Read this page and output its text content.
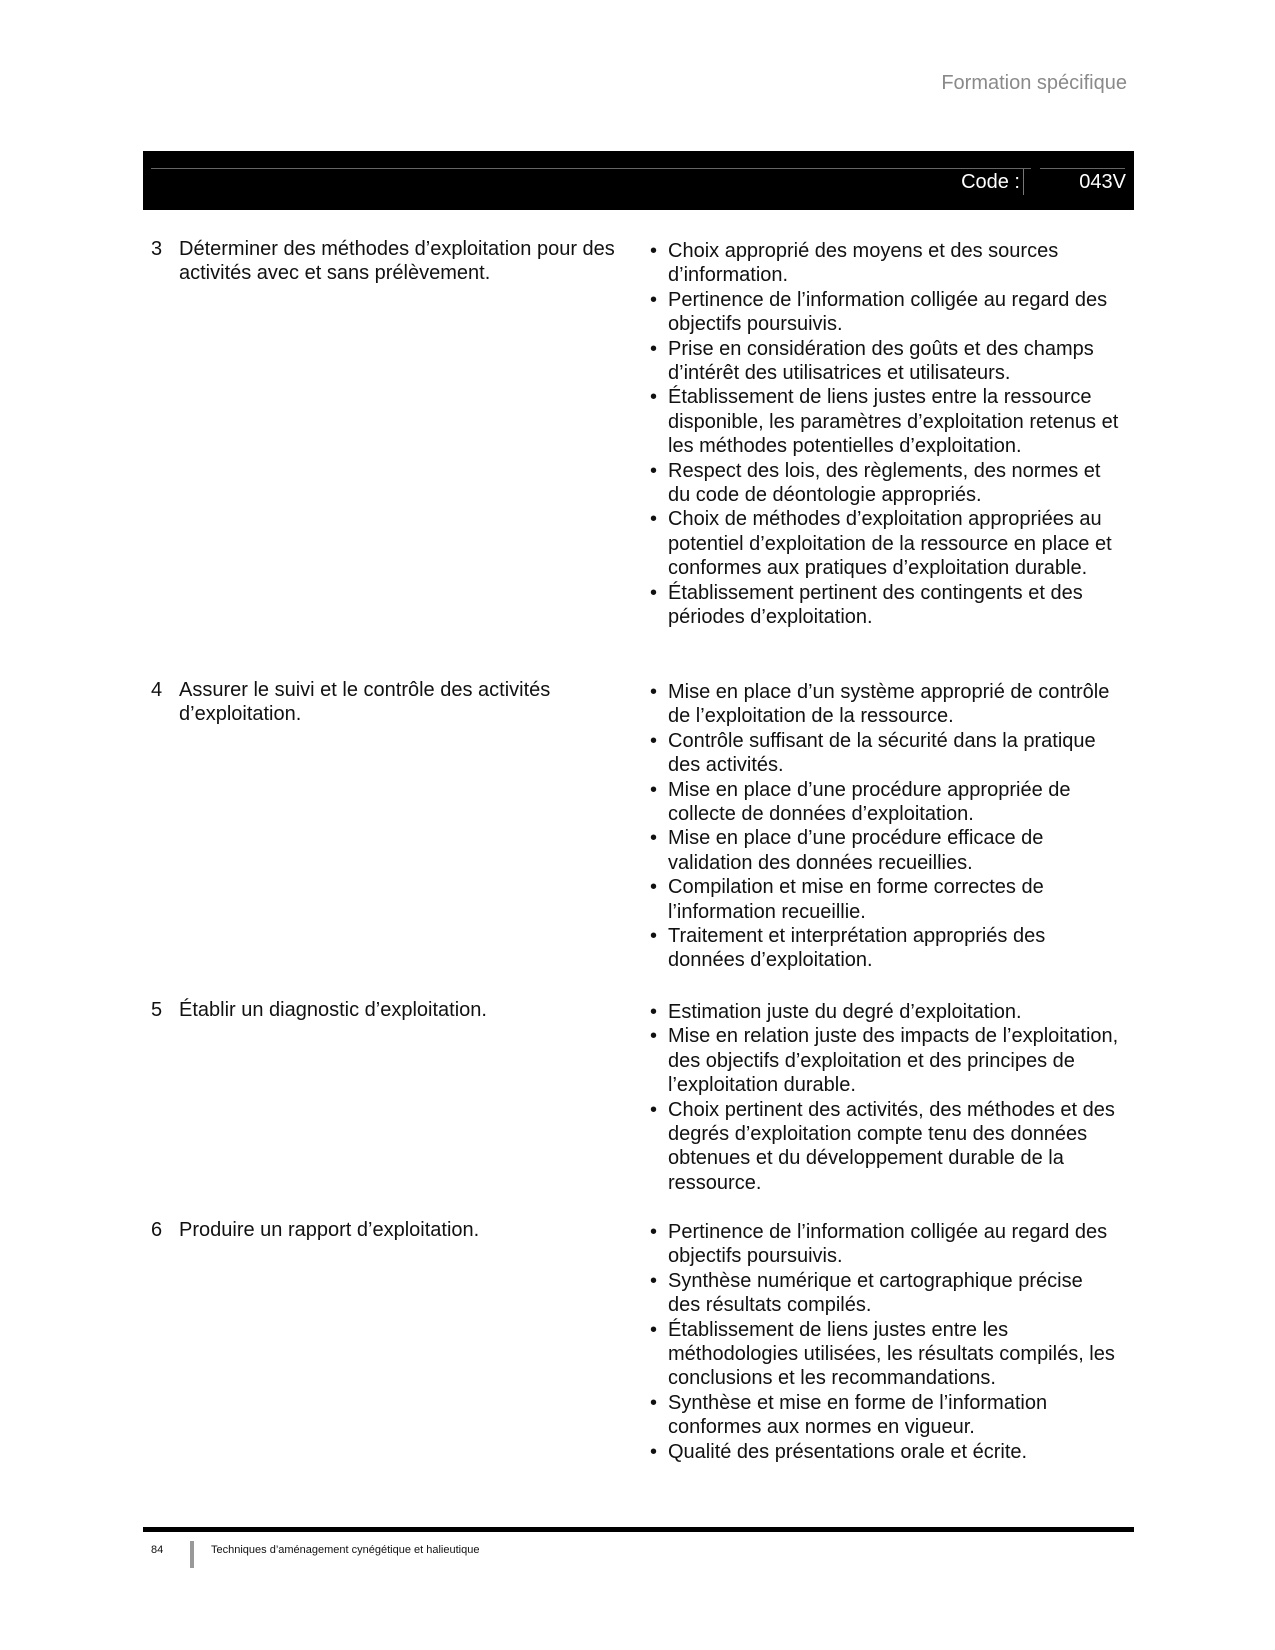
Formation spécifique
Code :	043V
3 Déterminer des méthodes d’exploitation pour des activités avec et sans prélèvement.
• Choix approprié des moyens et des sources d’information.
• Pertinence de l’information colligée au regard des objectifs poursuivis.
• Prise en considération des goûts et des champs d’intérêt des utilisatrices et utilisateurs.
• Établissement de liens justes entre la ressource disponible, les paramètres d’exploitation retenus et les méthodes potentielles d’exploitation.
• Respect des lois, des règlements, des normes et du code de déontologie appropriés.
• Choix de méthodes d’exploitation appropriées au potentiel d’exploitation de la ressource en place et conformes aux pratiques d’exploitation durable.
• Établissement pertinent des contingents et des périodes d’exploitation.
4 Assurer le suivi et le contrôle des activités d’exploitation.
• Mise en place d’un système approprié de contrôle de l’exploitation de la ressource.
• Contrôle suffisant de la sécurité dans la pratique des activités.
• Mise en place d’une procédure appropriée de collecte de données d’exploitation.
• Mise en place d’une procédure efficace de validation des données recueillies.
• Compilation et mise en forme correctes de l’information recueillie.
• Traitement et interprétation appropriés des données d’exploitation.
5 Établir un diagnostic d’exploitation.	• Estimation juste du degré d’exploitation.
• Mise en relation juste des impacts de l’exploitation, des objectifs d’exploitation et des principes de l’exploitation durable.
• Choix pertinent des activités, des méthodes et des degrés d’exploitation compte tenu des données obtenues et du développement durable de la ressource.
6 Produire un rapport d’exploitation.	• Pertinence de l’information colligée au regard des objectifs poursuivis.
• Synthèse numérique et cartographique précise des résultats compilés.
• Établissement de liens justes entre les méthodologies utilisées, les résultats compilés, les conclusions et les recommandations.
• Synthèse et mise en forme de l’information conformes aux normes en vigueur.
• Qualité des présentations orale et écrite.
84	Techniques d’aménagement cynégétique et halieutique
